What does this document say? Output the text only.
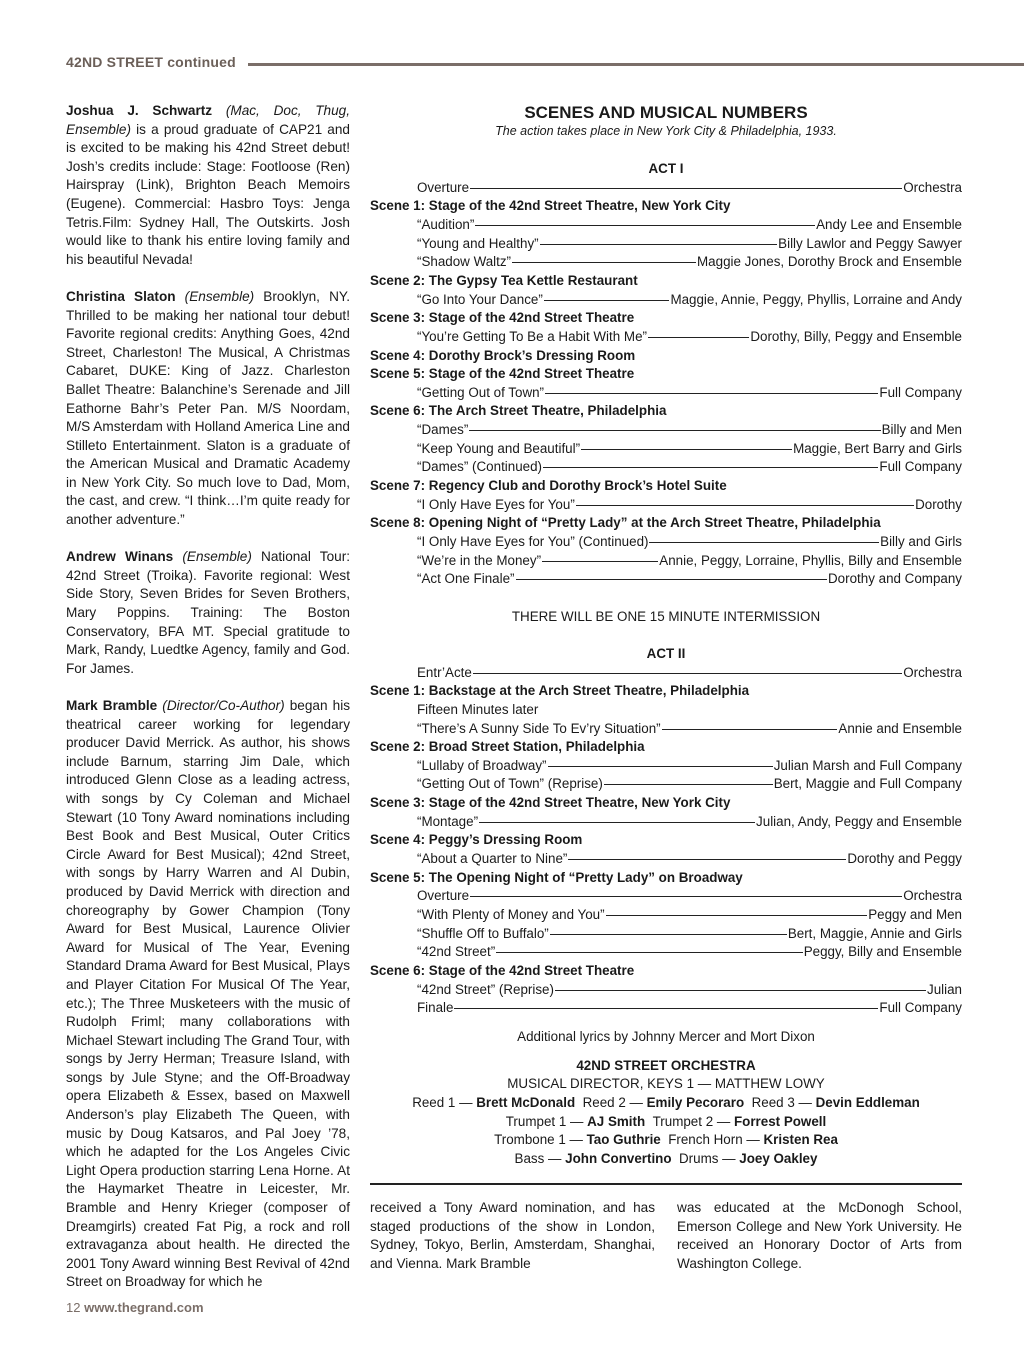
42ND STREET continued

Joshua J. Schwartz (Mac, Doc, Thug, Ensemble) is a proud graduate of CAP21 and is excited to be making his 42nd Street debut! Josh’s credits include: Stage: Footloose (Ren) Hairspray (Link), Brighton Beach Memoirs (Eugene). Commercial: Hasbro Toys: Jenga Tetris.Film: Sydney Hall, The Outskirts. Josh would like to thank his entire loving family and his beautiful Nevada!

Christina Slaton (Ensemble) Brooklyn, NY. Thrilled to be making her national tour debut! Favorite regional credits: Anything Goes, 42nd Street, Charleston! The Musical, A Christmas Cabaret, DUKE: King of Jazz. Charleston Ballet Theatre: Balanchine’s Serenade and Jill Eathorne Bahr’s Peter Pan. M/S Noordam, M/S Amsterdam with Holland America Line and Stilleto Entertainment. Slaton is a graduate of the American Musical and Dramatic Academy in New York City. So much love to Dad, Mom, the cast, and crew. “I think…I’m quite ready for another adventure.”

Andrew Winans (Ensemble) National Tour: 42nd Street (Troika). Favorite regional: West Side Story, Seven Brides for Seven Brothers, Mary Poppins. Training: The Boston Conservatory, BFA MT. Special gratitude to Mark, Randy, Luedtke Agency, family and God. For James.

Mark Bramble (Director/Co-Author) began his theatrical career working for legendary producer David Merrick. As author, his shows include Barnum, starring Jim Dale, which introduced Glenn Close as a leading actress, with songs by Cy Coleman and Michael Stewart (10 Tony Award nominations including Best Book and Best Musical, Outer Critics Circle Award for Best Musical); 42nd Street, with songs by Harry Warren and Al Dubin, produced by David Merrick with direction and choreography by Gower Champion (Tony Award for Best Musical, Laurence Olivier Award for Musical of The Year, Evening Standard Drama Award for Best Musical, Plays and Player Citation For Musical Of The Year, etc.); The Three Musketeers with the music of Rudolph Friml; many collaborations with Michael Stewart including The Grand Tour, with songs by Jerry Herman; Treasure Island, with songs by Jule Styne; and the Off-Broadway opera Elizabeth & Essex, based on Maxwell Anderson’s play Elizabeth The Queen, with music by Doug Katsaros, and Pal Joey ’78, which he adapted for the Los Angeles Civic Light Opera production starring Lena Horne. At the Haymarket Theatre in Leicester, Mr. Bramble and Henry Krieger (composer of Dreamgirls) created Fat Pig, a rock and roll extravaganza about health. He directed the 2001 Tony Award winning Best Revival of 42nd Street on Broadway for which he

SCENES AND MUSICAL NUMBERS
The action takes place in New York City & Philadelphia, 1933.
ACT I
Overture	Orchestra
Scene 1: Stage of the 42nd Street Theatre, New York City
“Audition”	Andy Lee and Ensemble
“Young and Healthy”	Billy Lawlor and Peggy Sawyer
“Shadow Waltz”	Maggie Jones, Dorothy Brock and Ensemble
Scene 2: The Gypsy Tea Kettle Restaurant
“Go Into Your Dance”	Maggie, Annie, Peggy, Phyllis, Lorraine and Andy
Scene 3: Stage of the 42nd Street Theatre
“You’re Getting To Be a Habit With Me”	Dorothy, Billy, Peggy and Ensemble
Scene 4: Dorothy Brock’s Dressing Room
Scene 5: Stage of the 42nd Street Theatre
“Getting Out of Town”	Full Company
Scene 6: The Arch Street Theatre, Philadelphia
“Dames”	Billy and Men
“Keep Young and Beautiful”	Maggie, Bert Barry and Girls
“Dames” (Continued)	Full Company
Scene 7: Regency Club and Dorothy Brock’s Hotel Suite
“I Only Have Eyes for You”	Dorothy
Scene 8: Opening Night of “Pretty Lady” at the Arch Street Theatre, Philadelphia
“I Only Have Eyes for You” (Continued)	Billy and Girls
“We’re in the Money”	Annie, Peggy, Lorraine, Phyllis, Billy and Ensemble
“Act One Finale”	Dorothy and Company
THERE WILL BE ONE 15 MINUTE INTERMISSION
ACT II
Entr’Acte	Orchestra
Scene 1: Backstage at the Arch Street Theatre, Philadelphia
Fifteen Minutes later
“There’s A Sunny Side To Ev’ry Situation”	Annie and Ensemble
Scene 2: Broad Street Station, Philadelphia
“Lullaby of Broadway”	Julian Marsh and Full Company
“Getting Out of Town” (Reprise)	Bert, Maggie and Full Company
Scene 3: Stage of the 42nd Street Theatre, New York City
“Montage”	Julian, Andy, Peggy and Ensemble
Scene 4: Peggy’s Dressing Room
“About a Quarter to Nine”	Dorothy and Peggy
Scene 5: The Opening Night of “Pretty Lady” on Broadway
Overture	Orchestra
“With Plenty of Money and You”	Peggy and Men
“Shuffle Off to Buffalo”	Bert, Maggie, Annie and Girls
“42nd Street”	Peggy, Billy and Ensemble
Scene 6: Stage of the 42nd Street Theatre
“42nd Street” (Reprise)	Julian
Finale	Full Company
Additional lyrics by Johnny Mercer and Mort Dixon
42ND STREET ORCHESTRA
MUSICAL DIRECTOR, KEYS 1 — MATTHEW LOWY
Reed 1 — Brett McDonald Reed 2 — Emily Pecoraro Reed 3 — Devin Eddleman
Trumpet 1 — AJ Smith Trumpet 2 — Forrest Powell
Trombone 1 — Tao Guthrie French Horn — Kristen Rea
Bass — John Convertino Drums — Joey Oakley
received a Tony Award nomination, and has staged productions of the show in London, Sydney, Tokyo, Berlin, Amsterdam, Shanghai, and Vienna. Mark Bramble
was educated at the McDonogh School, Emerson College and New York University. He received an Honorary Doctor of Arts from Washington College.
12 www.thegrand.com
